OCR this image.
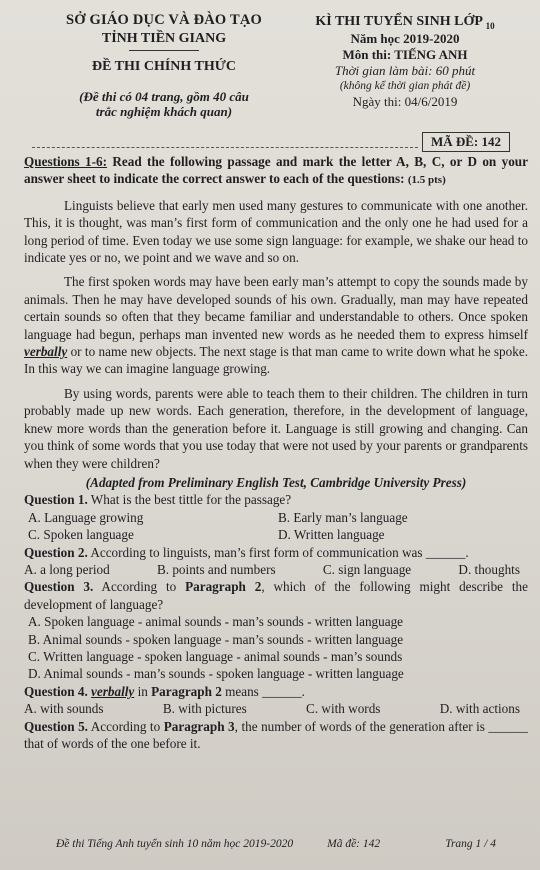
SỞ GIÁO DỤC VÀ ĐÀO TẠO
TỈNH TIỀN GIANG
ĐỀ THI CHÍNH THỨC
(Đề thi có 04 trang, gồm 40 câu
trắc nghiệm khách quan)
KÌ THI TUYỂN SINH LỚP $_{10}$
Năm học 2019-2020
Môn thi: TIẾNG ANH
Thời gian làm bài: 60 phút
(không kể thời gian phát đề)
Ngày thi: 04/6/2019
MÃ ĐỀ: 142

Questions 1-6: Read the following passage and mark the letter A, B, C, or D on your answer sheet to indicate the correct answer to each of the questions: (1.5 pts)

Linguists believe that early men used many gestures to communicate with one another. This, it is thought, was man’s first form of communication and the only one he had used for a long period of time. Even today we use some sign language: for example, we shake our head to indicate yes or no, we point and we wave and so on.

The first spoken words may have been early man’s attempt to copy the sounds made by animals. Then he may have developed sounds of his own. Gradually, man may have repeated certain sounds so often that they became familiar and understandable to others. Once spoken language had begun, perhaps man invented new words as he needed them to express himself verbally or to name new objects. The next stage is that man came to write down what he spoke. In this way we can imagine language growing.

By using words, parents were able to teach them to their children. The children in turn probably made up new words. Each generation, therefore, in the development of language, knew more words than the generation before it. Language is still growing and changing. Can you think of some words that you use today that were not used by your parents or grandparents when they were children?

(Adapted from Preliminary English Test, Cambridge University Press)

Question 1. What is the best tittle for the passage?

A. Language growing	B. Early man’s language
C. Spoken language	D. Written language

Question 2. According to linguists, man’s first form of communication was ______.

A. a long period	B. points and numbers	C. sign language	D. thoughts

Question 3. According to Paragraph 2, which of the following might describe the development of language?

A. Spoken language - animal sounds - man’s sounds - written language
B. Animal sounds - spoken language - man’s sounds - written language
C. Written language - spoken language - animal sounds - man’s sounds
D. Animal sounds - man’s sounds - spoken language - written language

Question 4. verbally in Paragraph 2 means ______.

A. with sounds	B. with pictures	C. with words	D. with actions

Question 5. According to Paragraph 3, the number of words of the generation after is ______ that of words of the one before it.

Đề thi Tiếng Anh tuyển sinh 10 năm học 2019-2020	Mã đề: 142	Trang 1 / 4
